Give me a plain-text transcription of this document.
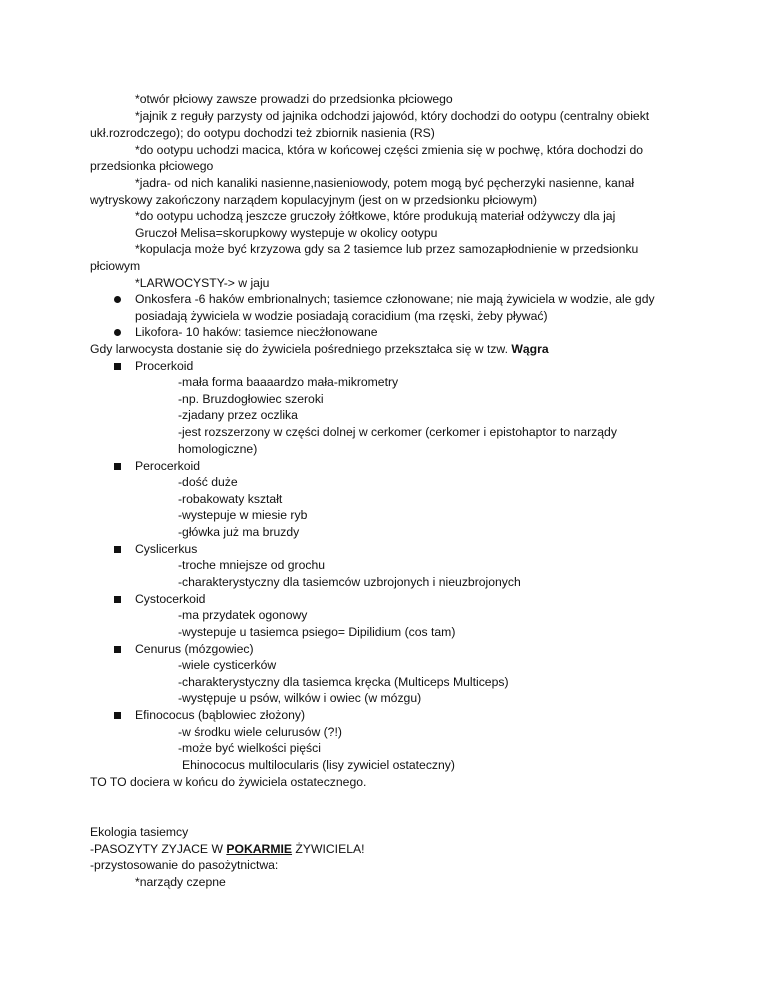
*otwór płciowy zawsze prowadzi do przedsionka płciowego
*jajnik z reguły parzysty od jajnika odchodzi jajowód, który dochodzi do ootypu (centralny obiekt
ukł.rozrodczego); do ootypu dochodzi też zbiornik nasienia (RS)
*do ootypu uchodzi macica, która w końcowej części zmienia się w pochwę, która dochodzi do
przedsionka płciowego
*jadra- od nich kanaliki nasienne,nasieniowody, potem mogą być pęcherzyki nasienne, kanał
wytryskowy zakończony narządem kopulacyjnym (jest on w przedsionku płciowym)
*do ootypu uchodzą jeszcze gruczoły żółtkowe, które produkują materiał odżywczy dla jaj
Gruczoł Melisa=skorupkowy wystepuje w okolicy ootypu
*kopulacja może być krzyzowa gdy sa 2 tasiemce lub przez samozapłodnienie w przedsionku
płciowym
*LARWOCYSTY-> w jaju
Onkosfera -6 haków embrionalnych; tasiemce członowane; nie mają żywiciela w wodzie, ale gdy
posiadają żywiciela w wodzie posiadają coracidium (ma rzęski, żeby pływać)
Likofora- 10 haków: tasiemce niecżłonowane
Gdy larwocysta dostanie się do żywiciela pośredniego przekształca się w tzw. Wągra
Procerkoid
-mała forma baaaardzo mała-mikrometry
-np. Bruzdogłowiec szeroki
-zjadany przez oczlika
-jest rozszerzony w części dolnej w cerkomer (cerkomer i epistohaptor to narządy
homologiczne)
Perocerkoid
-dość duże
-robakowaty kształt
-wystepuje w miesie ryb
-główka już ma bruzdy
Cyslicerkus
-troche mniejsze od grochu
-charakterystyczny dla tasiemców uzbrojonych i nieuzbrojonych
Cystocerkoid
-ma przydatek ogonowy
-wystepuje u tasiemca psiego= Dipilidium (cos tam)
Cenurus (mózgowiec)
-wiele cysticerków
-charakterystyczny dla tasiemca kręcka (Multiceps Multiceps)
-występuje u psów, wilków i owiec (w mózgu)
Efinococus (bąblowiec złożony)
-w środku wiele celurusów (?!)
-może być wielkości pięści
Ehinococus multilocularis (lisy zywiciel ostateczny)
TO TO dociera w końcu do żywiciela ostatecznego.
Ekologia tasiemcy
-PASOZYTY ZYJACE W POKARMIE ŻYWICIELA!
-przystosowanie do pasożytnictwa:
*narządy czepne
